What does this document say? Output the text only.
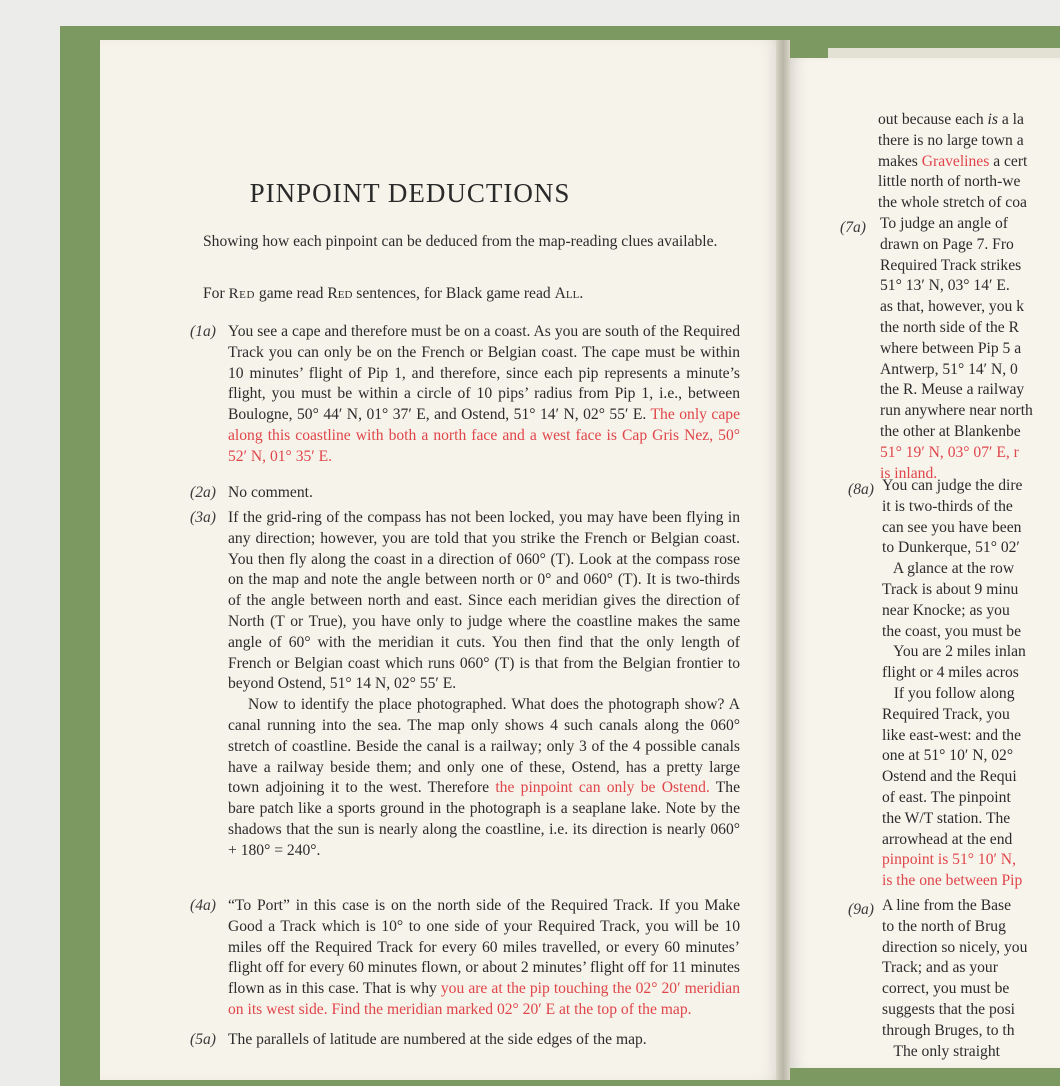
PINPOINT DEDUCTIONS

Showing how each pinpoint can be deduced from the map-reading clues available.

For Red game read Red sentences, for Black game read All.
(1a) You see a cape and therefore must be on a coast. As you are south of the Required Track you can only be on the French or Belgian coast. The cape must be within 10 minutes’ flight of Pip 1, and therefore, since each pip represents a minute’s flight, you must be within a circle of 10 pips’ radius from Pip 1, i.e., between Boulogne, 50° 44′ N, 01° 37′ E, and Ostend, 51° 14′ N, 02° 55′ E. The only cape along this coastline with both a north face and a west face is Cap Gris Nez, 50° 52′ N, 01° 35′ E.
(2a) No comment.
(3a) If the grid-ring of the compass has not been locked, you may have been flying in any direction; however, you are told that you strike the French or Belgian coast. You then fly along the coast in a direction of 060° (T). Look at the compass rose on the map and note the angle between north or 0° and 060° (T). It is two-thirds of the angle between north and east. Since each meridian gives the direction of North (T or True), you have only to judge where the coastline makes the same angle of 60° with the meridian it cuts. You then find that the only length of French or Belgian coast which runs 060° (T) is that from the Belgian frontier to beyond Ostend, 51° 14 N, 02° 55′ E.
Now to identify the place photographed. What does the photograph show? A canal running into the sea. The map only shows 4 such canals along the 060° stretch of coastline. Beside the canal is a railway; only 3 of the 4 possible canals have a railway beside them; and only one of these, Ostend, has a pretty large town adjoining it to the west. Therefore the pinpoint can only be Ostend. The bare patch like a sports ground in the photograph is a seaplane lake. Note by the shadows that the sun is nearly along the coastline, i.e. its direction is nearly 060° + 180° = 240°.
(4a) “To Port” in this case is on the north side of the Required Track. If you Make Good a Track which is 10° to one side of your Required Track, you will be 10 miles off the Required Track for every 60 miles travelled, or every 60 minutes’ flight off for every 60 minutes flown, or about 2 minutes’ flight off for 11 minutes flown as in this case. That is why you are at the pip touching the 02° 20′ meridian on its west side. Find the meridian marked 02° 20′ E at the top of the map.
(5a) The parallels of latitude are numbered at the side edges of the map.
out because each is a la
there is no large town a
makes Gravelines a cert
little north of north-we
the whole stretch of coa
(7a) To judge an angle of
drawn on Page 7. Fro
Required Track strikes
51° 13′ N, 03° 14′ E.
as that, however, you k
the north side of the R
where between Pip 5 a
Antwerp, 51° 14′ N, 0
the R. Meuse a railway
run anywhere near north
the other at Blankenbe
51° 19′ N, 03° 07′ E, r
is inland.
(8a) You can judge the dire
it is two-thirds of the
can see you have been
to Dunkerque, 51° 02′
A glance at the row
Track is about 9 minu
near Knocke; as you
the coast, you must be
You are 2 miles inlan
flight or 4 miles acros
If you follow along
Required Track, you
like east-west: and the
one at 51° 10′ N, 02°
Ostend and the Requi
of east. The pinpoint
the W/T station. The
arrowhead at the end
pinpoint is 51° 10′ N,
is the one between Pip
(9a) A line from the Base
to the north of Brug
direction so nicely, you
Track; and as your
correct, you must be
suggests that the posi
through Bruges, to th
The only straight
